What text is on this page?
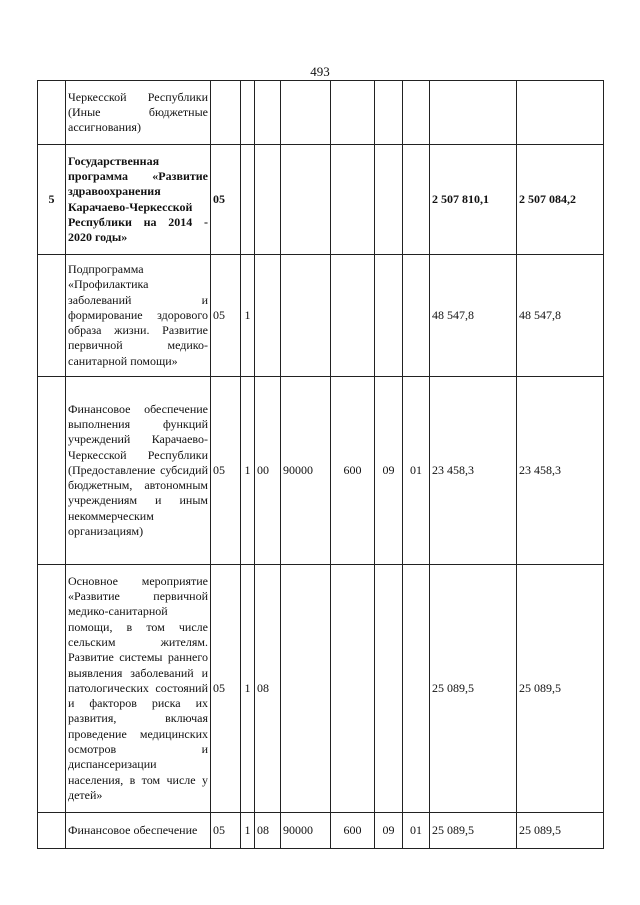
493
	Черкесской Республики (Иные бюджетные ассигнования)									
5	Государственная программа «Развитие здравоохранения Карачаево-Черкесской Республики на 2014 - 2020 годы»	05							2 507 810,1	2 507 084,2
	Подпрограмма «Профилактика заболеваний и формирование здорового образа жизни. Развитие первичной медико-санитарной помощи»	05	1						48 547,8	48 547,8
	Финансовое обеспечение выполнения функций учреждений Карачаево-Черкесской Республики (Предоставление субсидий бюджетным, автономным учреждениям и иным некоммерческим организациям)	05	1	00	90000	600	09	01	23 458,3	23 458,3
	Основное мероприятие «Развитие первичной медико-санитарной помощи, в том числе сельским жителям. Развитие системы раннего выявления заболеваний и патологических состояний и факторов риска их развития, включая проведение медицинских осмотров и диспансеризации населения, в том числе у детей»	05	1	08					25 089,5	25 089,5
	Финансовое обеспечение	05	1	08	90000	600	09	01	25 089,5	25 089,5
